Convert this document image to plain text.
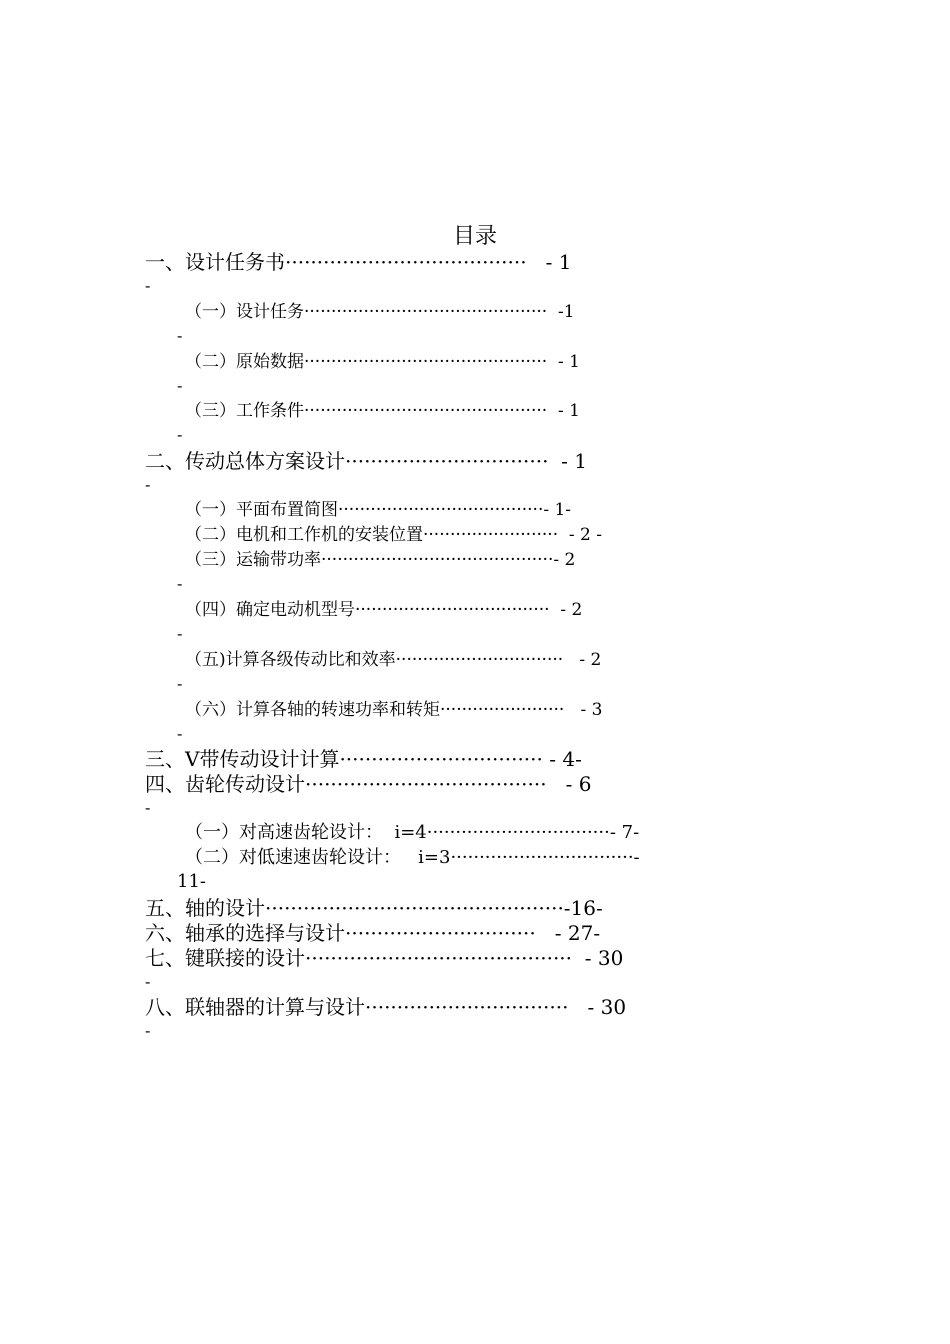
目录
一、设计任务书······································   - 1
-
（一）设计任务·············································  -1
-
（二）原始数据·············································  - 1
-
（三）工作条件·············································  - 1
-
二、传动总体方案设计································  - 1
-
（一）平面布置简图······································- 1-
（二）电机和工作机的安装位置·························  - 2 -
（三）运输带功率···········································- 2
-
（四）确定电动机型号····································  - 2
-
（五)计算各级传动比和效率·······························   - 2
-
（六）计算各轴的转速功率和转矩·······················   - 3
-
三、V带传动设计计算································ - 4-
四、齿轮传动设计······································   - 6
-
（一）对高速齿轮设计：  i=4································- 7-
（二）对低速速齿轮设计：   i=3································-
11-
五、轴的设计···············································-16-
六、轴承的选择与设计······························   - 27-
七、键联接的设计··········································  - 30
-
八、联轴器的计算与设计································   - 30
-
